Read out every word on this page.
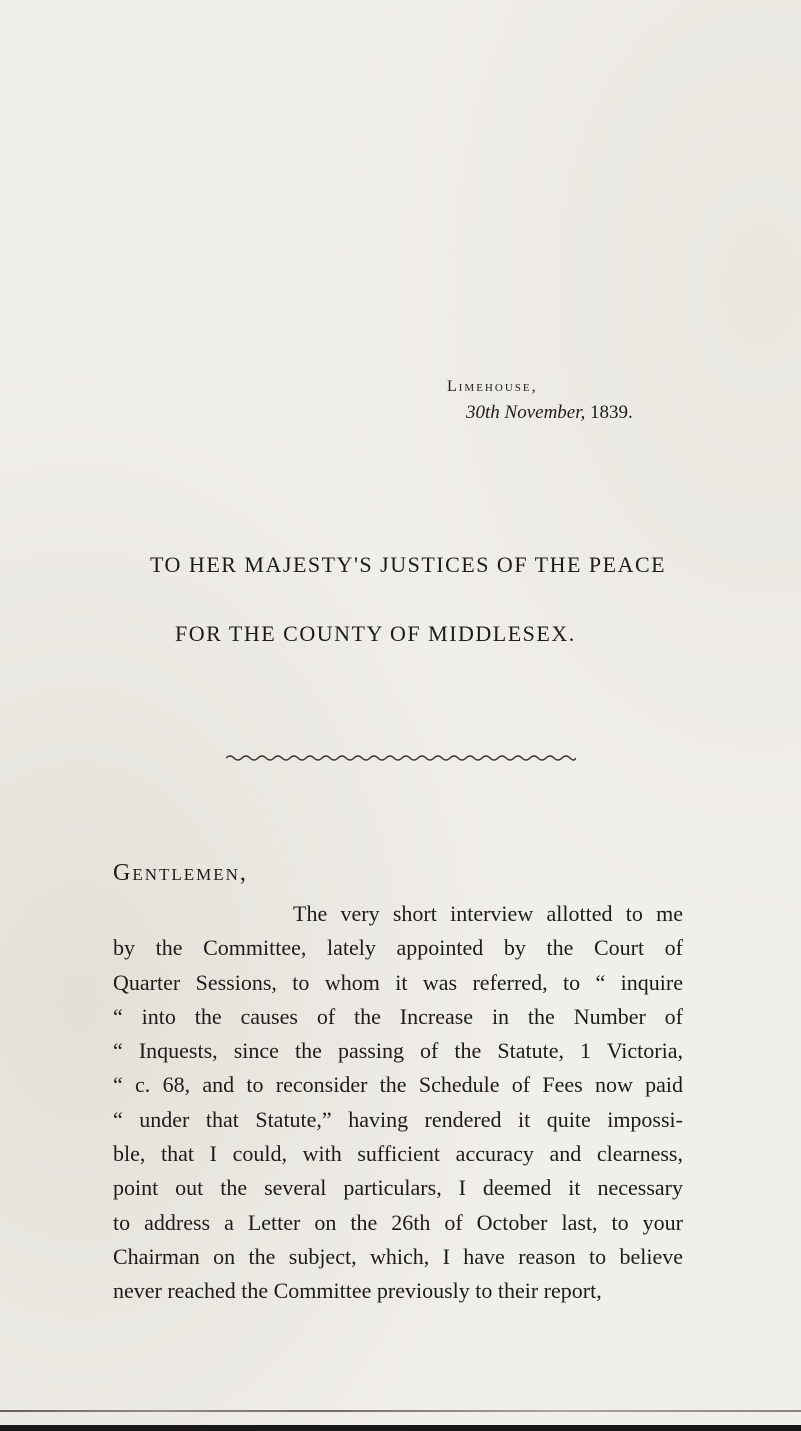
Limehouse,
30th November, 1839.
TO HER MAJESTY'S JUSTICES OF THE PEACE
FOR THE COUNTY OF MIDDLESEX.
Gentlemen,
The very short interview allotted to me
by the Committee, lately appointed by the Court of
Quarter Sessions, to whom it was referred, to “ inquire
“ into the causes of the Increase in the Number of
“ Inquests, since the passing of the Statute, 1 Victoria,
“ c. 68, and to reconsider the Schedule of Fees now paid
“ under that Statute,” having rendered it quite impossi-
ble, that I could, with sufficient accuracy and clearness,
point out the several particulars, I deemed it necessary
to address a Letter on the 26th of October last, to your
Chairman on the subject, which, I have reason to believe
never reached the Committee previously to their report,
